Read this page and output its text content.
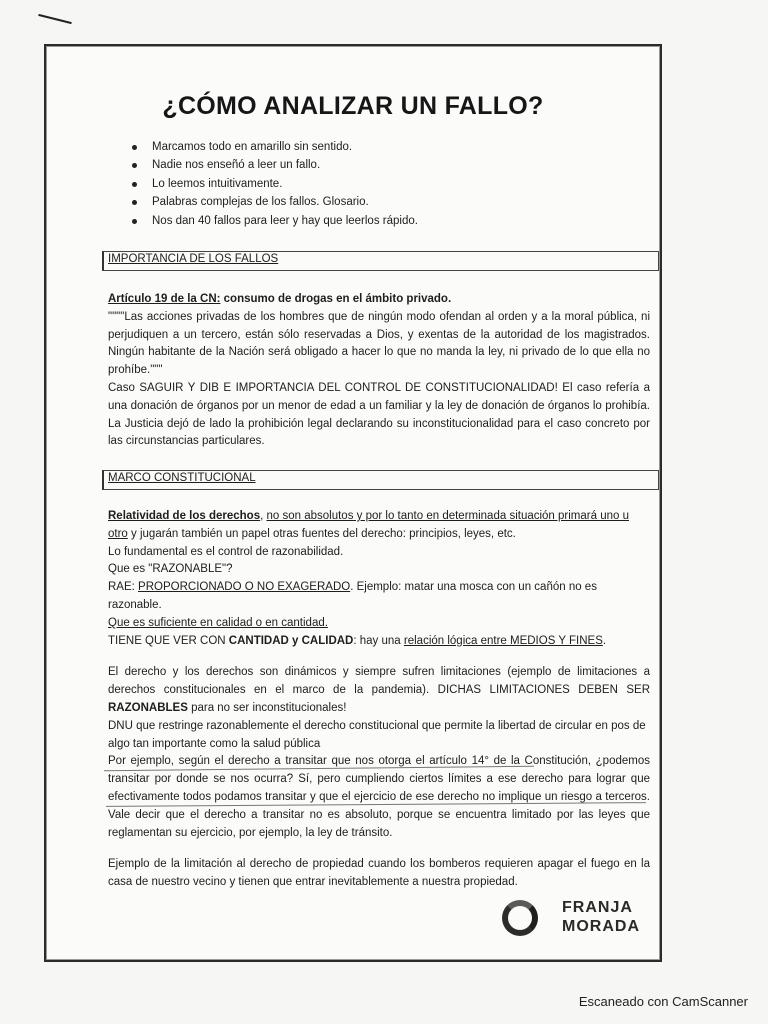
¿CÓMO ANALIZAR UN FALLO?
Marcamos todo en amarillo sin sentido.
Nadie nos enseñó a leer un fallo.
Lo leemos intuitivamente.
Palabras complejas de los fallos. Glosario.
Nos dan 40 fallos para leer y hay que leerlos rápido.
IMPORTANCIA DE LOS FALLOS

Artículo 19 de la CN: consumo de drogas en el ámbito privado.

""""Las acciones privadas de los hombres que de ningún modo ofendan al orden y a la moral pública, ni perjudiquen a un tercero, están sólo reservadas a Dios, y exentas de la autoridad de los magistrados. Ningún habitante de la Nación será obligado a hacer lo que no manda la ley, ni privado de lo que ella no prohíbe."""

Caso SAGUIR Y DIB E IMPORTANCIA DEL CONTROL DE CONSTITUCIONALIDAD! El caso refería a una donación de órganos por un menor de edad a un familiar y la ley de donación de órganos lo prohibía. La Justicia dejó de lado la prohibición legal declarando su inconstitucionalidad para el caso concreto por las circunstancias particulares.

MARCO CONSTITUCIONAL

Relatividad de los derechos, no son absolutos y por lo tanto en determinada situación primará uno u otro y jugarán también un papel otras fuentes del derecho: principios, leyes, etc.

Lo fundamental es el control de razonabilidad.

Que es "RAZONABLE"?

RAE: PROPORCIONADO O NO EXAGERADO. Ejemplo: matar una mosca con un cañón no es razonable.
Que es suficiente en calidad o en cantidad.

TIENE QUE VER CON CANTIDAD y CALIDAD: hay una relación lógica entre MEDIOS Y FINES.

El derecho y los derechos son dinámicos y siempre sufren limitaciones (ejemplo de limitaciones a derechos constitucionales en el marco de la pandemia). DICHAS LIMITACIONES DEBEN SER RAZONABLES para no ser inconstitucionales!

DNU que restringe razonablemente el derecho constitucional que permite la libertad de circular en pos de algo tan importante como la salud pública

Por ejemplo, según el derecho a transitar que nos otorga el artículo 14° de la Constitución, ¿podemos transitar por donde se nos ocurra? Sí, pero cumpliendo ciertos límites a ese derecho para lograr que efectivamente todos podamos transitar y que el ejercicio de ese derecho no implique un riesgo a terceros. Vale decir que el derecho a transitar no es absoluto, porque se encuentra limitado por las leyes que reglamentan su ejercicio, por ejemplo, la ley de tránsito.

Ejemplo de la limitación al derecho de propiedad cuando los bomberos requieren apagar el fuego en la casa de nuestro vecino y tienen que entrar inevitablemente a nuestra propiedad.

FRANJA
MORADA
Escaneado con CamScanner
